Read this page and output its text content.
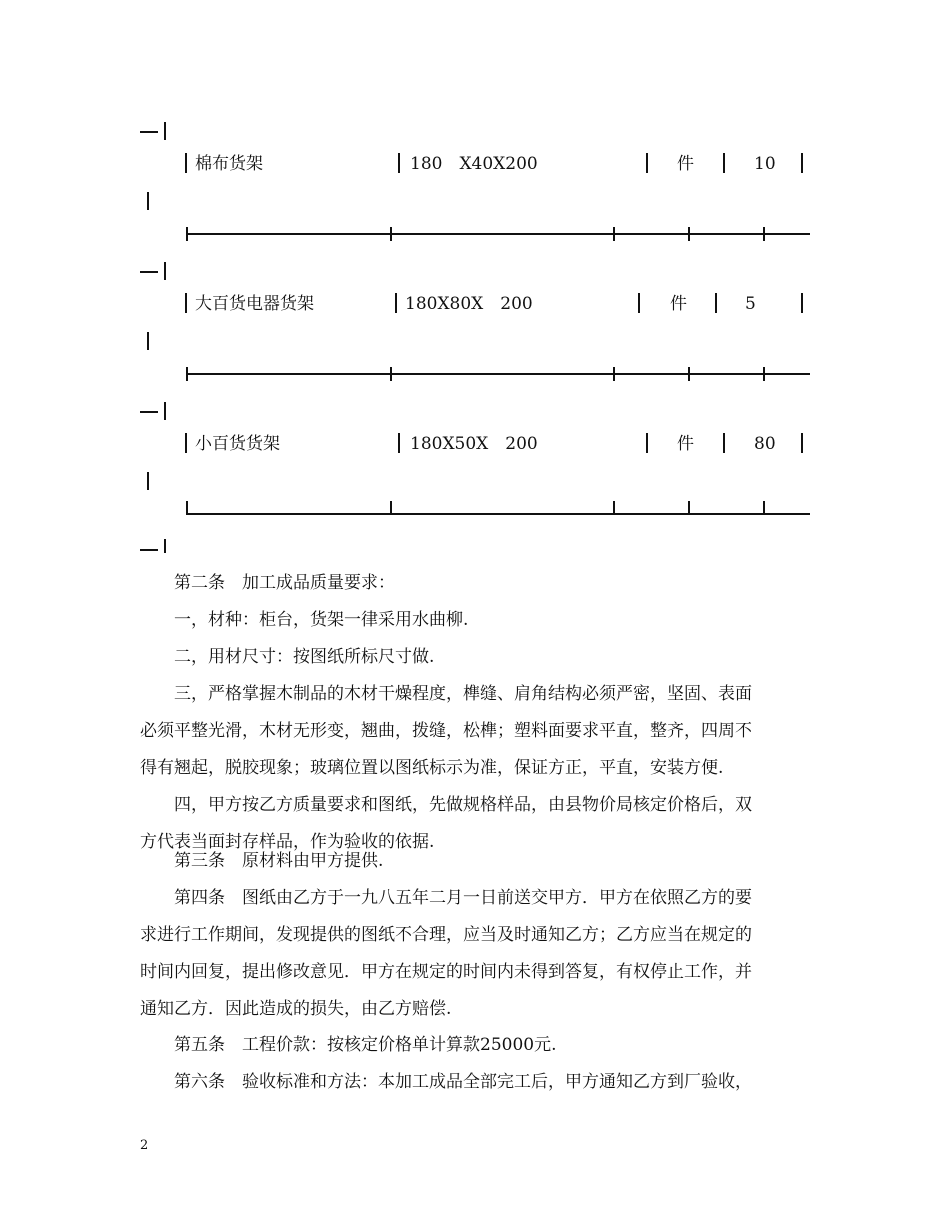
棉布货架	180　X40X200	件	10
大百货电器货架	180X80X　200	件	5
小百货货架	180X50X　200	件	80
　　第二条　加工成品质量要求：
　　一，材种：柜台，货架一律采用水曲柳.
　　二，用材尺寸：按图纸所标尺寸做.
　　三，严格掌握木制品的木材干燥程度，榫缝、肩角结构必须严密，坚固、表面
必须平整光滑，木材无形变，翘曲，拨缝，松榫；塑料面要求平直，整齐，四周不
得有翘起，脱胶现象；玻璃位置以图纸标示为准，保证方正，平直，安装方便.
　　四，甲方按乙方质量要求和图纸，先做规格样品，由县物价局核定价格后，双
方代表当面封存样品，作为验收的依据.
　　第三条　原材料由甲方提供.
　　第四条　图纸由乙方于一九八五年二月一日前送交甲方．甲方在依照乙方的要
求进行工作期间，发现提供的图纸不合理，应当及时通知乙方；乙方应当在规定的
时间内回复，提出修改意见．甲方在规定的时间内未得到答复，有权停止工作，并
通知乙方．因此造成的损失，由乙方赔偿.
　　第五条　工程价款：按核定价格单计算款25000元.
　　第六条　验收标准和方法：本加工成品全部完工后，甲方通知乙方到厂验收，
2
